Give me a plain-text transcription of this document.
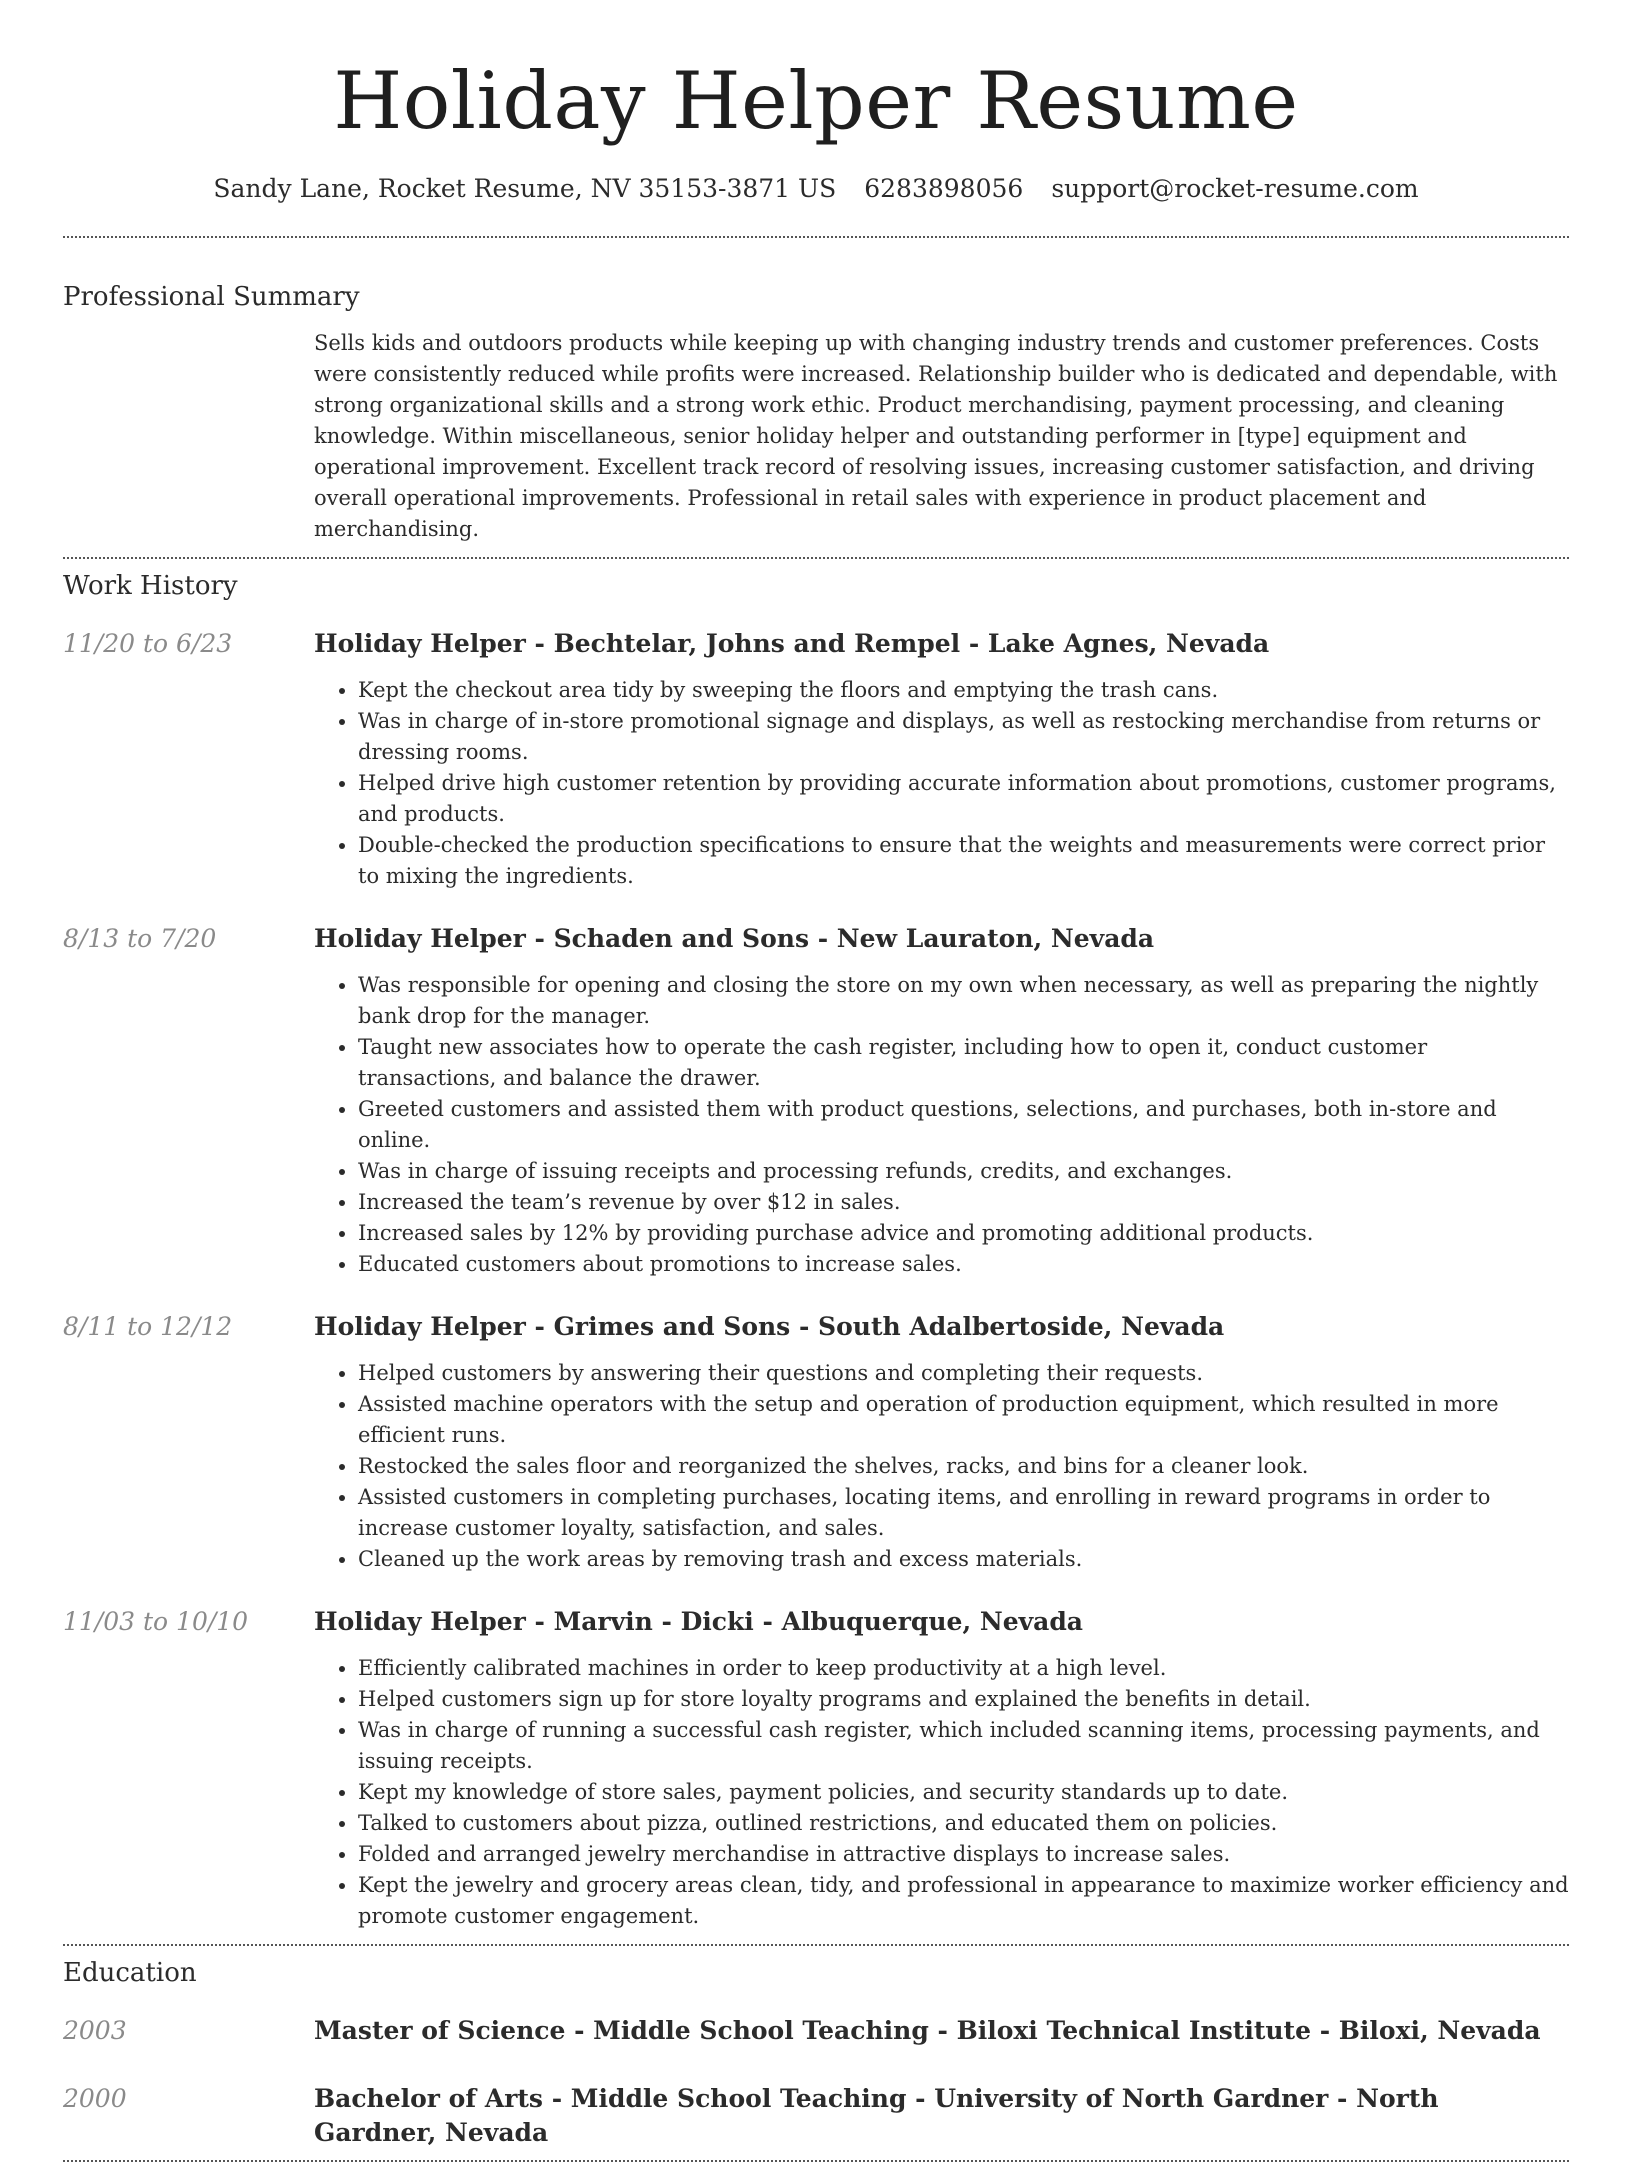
Holiday Helper Resume
Sandy Lane, Rocket Resume, NV 35153-3871 US 6283898056 support@rocket-resume.com
Professional Summary

Sells kids and outdoors products while keeping up with changing industry trends and customer preferences. Costs were consistently reduced while profits were increased. Relationship builder who is dedicated and dependable, with strong organizational skills and a strong work ethic. Product merchandising, payment processing, and cleaning knowledge. Within miscellaneous, senior holiday helper and outstanding performer in [type] equipment and operational improvement. Excellent track record of resolving issues, increasing customer satisfaction, and driving overall operational improvements. Professional in retail sales with experience in product placement and merchandising.

Work History
11/20 to 6/23	Holiday Helper - Bechtelar, Johns and Rempel - Lake Agnes, Nevada
• Kept the checkout area tidy by sweeping the floors and emptying the trash cans.
• Was in charge of in-store promotional signage and displays, as well as restocking merchandise from returns or dressing rooms.
• Helped drive high customer retention by providing accurate information about promotions, customer programs, and products.
• Double-checked the production specifications to ensure that the weights and measurements were correct prior to mixing the ingredients.
8/13 to 7/20	Holiday Helper - Schaden and Sons - New Lauraton, Nevada
• Was responsible for opening and closing the store on my own when necessary, as well as preparing the nightly bank drop for the manager.
• Taught new associates how to operate the cash register, including how to open it, conduct customer transactions, and balance the drawer.
• Greeted customers and assisted them with product questions, selections, and purchases, both in-store and online.
• Was in charge of issuing receipts and processing refunds, credits, and exchanges.
• Increased the team’s revenue by over $12 in sales.
• Increased sales by 12% by providing purchase advice and promoting additional products.
• Educated customers about promotions to increase sales.
8/11 to 12/12	Holiday Helper - Grimes and Sons - South Adalbertoside, Nevada
• Helped customers by answering their questions and completing their requests.
• Assisted machine operators with the setup and operation of production equipment, which resulted in more efficient runs.
• Restocked the sales floor and reorganized the shelves, racks, and bins for a cleaner look.
• Assisted customers in completing purchases, locating items, and enrolling in reward programs in order to increase customer loyalty, satisfaction, and sales.
• Cleaned up the work areas by removing trash and excess materials.
11/03 to 10/10	Holiday Helper - Marvin - Dicki - Albuquerque, Nevada
• Efficiently calibrated machines in order to keep productivity at a high level.
• Helped customers sign up for store loyalty programs and explained the benefits in detail.
• Was in charge of running a successful cash register, which included scanning items, processing payments, and issuing receipts.
• Kept my knowledge of store sales, payment policies, and security standards up to date.
• Talked to customers about pizza, outlined restrictions, and educated them on policies.
• Folded and arranged jewelry merchandise in attractive displays to increase sales.
• Kept the jewelry and grocery areas clean, tidy, and professional in appearance to maximize worker efficiency and promote customer engagement.
Education
2003	Master of Science - Middle School Teaching - Biloxi Technical Institute - Biloxi, Nevada
2000	Bachelor of Arts - Middle School Teaching - University of North Gardner - North Gardner, Nevada
